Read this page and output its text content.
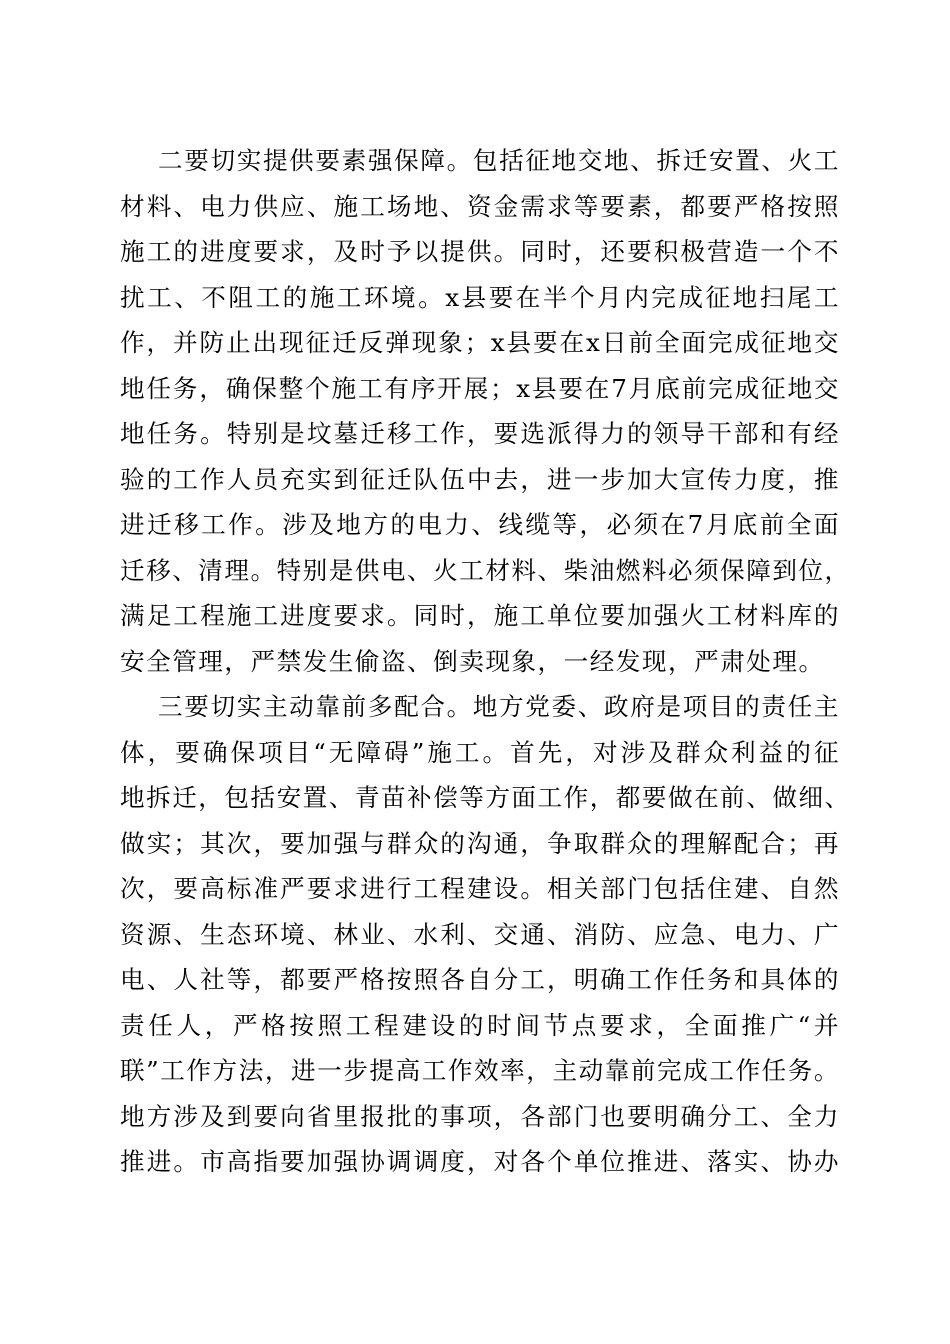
二要切实提供要素强保障。包括征地交地、拆迁安置、火工
材料、电力供应、施工场地、资金需求等要素，都要严格按照
施工的进度要求，及时予以提供。同时，还要积极营造一个不
扰工、不阻工的施工环境。x县要在半个月内完成征地扫尾工
作，并防止出现征迁反弹现象；x县要在x日前全面完成征地交
地任务，确保整个施工有序开展；x县要在7月底前完成征地交
地任务。特别是坟墓迁移工作，要选派得力的领导干部和有经
验的工作人员充实到征迁队伍中去，进一步加大宣传力度，推
进迁移工作。涉及地方的电力、线缆等，必须在7月底前全面
迁移、清理。特别是供电、火工材料、柴油燃料必须保障到位，
满足工程施工进度要求。同时，施工单位要加强火工材料库的
安全管理，严禁发生偷盗、倒卖现象，一经发现，严肃处理。
三要切实主动靠前多配合。地方党委、政府是项目的责任主
体，要确保项目“无障碍”施工。首先，对涉及群众利益的征
地拆迁，包括安置、青苗补偿等方面工作，都要做在前、做细、
做实；其次，要加强与群众的沟通，争取群众的理解配合；再
次，要高标准严要求进行工程建设。相关部门包括住建、自然
资源、生态环境、林业、水利、交通、消防、应急、电力、广
电、人社等，都要严格按照各自分工，明确工作任务和具体的
责任人，严格按照工程建设的时间节点要求，全面推广“并
联”工作方法，进一步提高工作效率，主动靠前完成工作任务。
地方涉及到要向省里报批的事项，各部门也要明确分工、全力
推进。市高指要加强协调调度，对各个单位推进、落实、协办
